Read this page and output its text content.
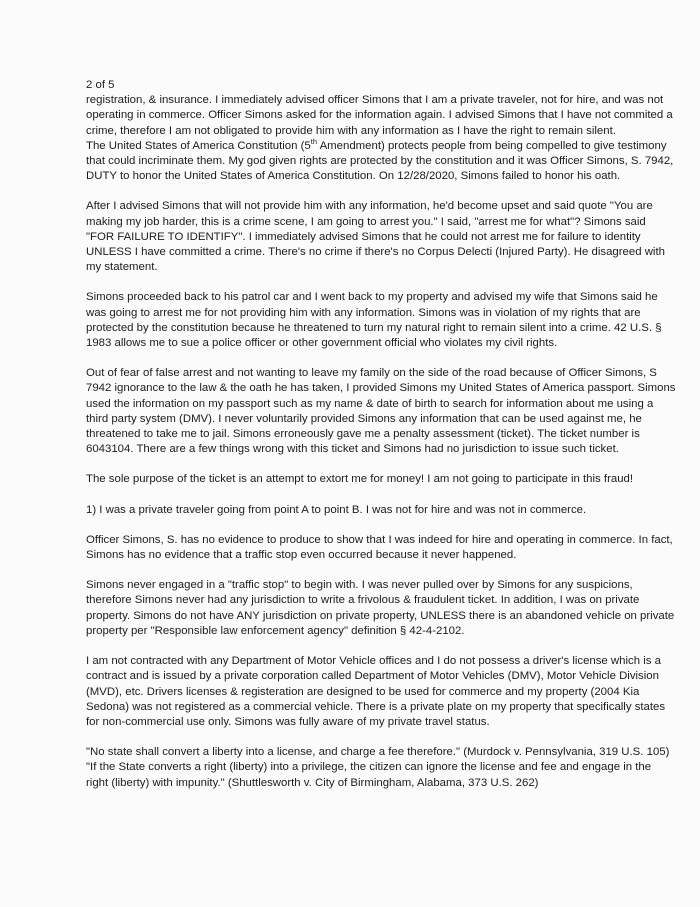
2 of 5

registration, & insurance. I immediately advised officer Simons that I am a private traveler, not for hire, and was not operating in commerce. Officer Simons asked for the information again. I advised Simons that I have not commited a crime, therefore I am not obligated to provide him with any information as I have the right to remain silent.
The United States of America Constitution (5th Amendment) protects people from being compelled to give testimony that could incriminate them. My god given rights are protected by the constitution and it was Officer Simons, S. 7942, DUTY to honor the United States of America Constitution. On 12/28/2020, Simons failed to honor his oath.

After I advised Simons that will not provide him with any information, he'd become upset and said quote "You are making my job harder, this is a crime scene, I am going to arrest you." I said, "arrest me for what"? Simons said "FOR FAILURE TO IDENTIFY". I immediately advised Simons that he could not arrest me for failure to identity UNLESS I have committed a crime. There's no crime if there's no Corpus Delecti (Injured Party). He disagreed with my statement.

Simons proceeded back to his patrol car and I went back to my property and advised my wife that Simons said he was going to arrest me for not providing him with any information. Simons was in violation of my rights that are protected by the constitution because he threatened to turn my natural right to remain silent into a crime. 42 U.S. § 1983 allows me to sue a police officer or other government official who violates my civil rights.

Out of fear of false arrest and not wanting to leave my family on the side of the road because of Officer Simons, S 7942 ignorance to the law & the oath he has taken, I provided Simons my United States of America passport. Simons used the information on my passport such as my name & date of birth to search for information about me using a third party system (DMV). I never voluntarily provided Simons any information that can be used against me, he threatened to take me to jail. Simons erroneously gave me a penalty assessment (ticket). The ticket number is 6043104. There are a few things wrong with this ticket and Simons had no jurisdiction to issue such ticket.

The sole purpose of the ticket is an attempt to extort me for money! I am not going to participate in this fraud!

1) I was a private traveler going from point A to point B. I was not for hire and was not in commerce.

Officer Simons, S. has no evidence to produce to show that I was indeed for hire and operating in commerce. In fact, Simons has no evidence that a traffic stop even occurred because it never happened.

Simons never engaged in a "traffic stop" to begin with. I was never pulled over by Simons for any suspicions, therefore Simons never had any jurisdiction to write a frivolous & fraudulent ticket. In addition, I was on private property. Simons do not have ANY jurisdiction on private property, UNLESS there is an abandoned vehicle on private property per "Responsible law enforcement agency" definition § 42-4-2102.

I am not contracted with any Department of Motor Vehicle offices and I do not possess a driver's license which is a contract and is issued by a private corporation called Department of Motor Vehicles (DMV), Motor Vehicle Division (MVD), etc. Drivers licenses & registeration are designed to be used for commerce and my property (2004 Kia Sedona) was not registered as a commercial vehicle. There is a private plate on my property that specifically states for non-commercial use only. Simons was fully aware of my private travel status.

"No state shall convert a liberty into a license, and charge a fee therefore." (Murdock v. Pennsylvania, 319 U.S. 105)

"If the State converts a right (liberty) into a privilege, the citizen can ignore the license and fee and engage in the right (liberty) with impunity." (Shuttlesworth v. City of Birmingham, Alabama, 373 U.S. 262)
